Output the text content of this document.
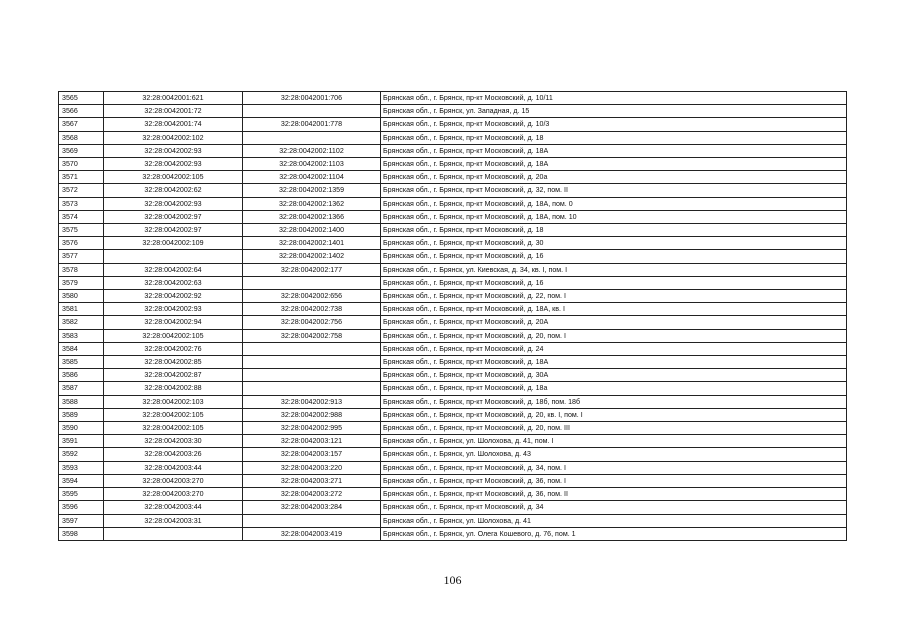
3565	32:28:0042001:621	32:28:0042001:706	Брянская обл., г. Брянск, пр-кт Московский, д. 10/11
3566	32:28:0042001:72		Брянская обл., г. Брянск, ул. Западная, д. 15
3567	32:28:0042001:74	32:28:0042001:778	Брянская обл., г. Брянск, пр-кт Московский, д. 10/3
3568	32:28:0042002:102		Брянская обл., г. Брянск, пр-кт Московский, д. 18
3569	32:28:0042002:93	32:28:0042002:1102	Брянская обл., г. Брянск, пр-кт Московский, д. 18А
3570	32:28:0042002:93	32:28:0042002:1103	Брянская обл., г. Брянск, пр-кт Московский, д. 18А
3571	32:28:0042002:105	32:28:0042002:1104	Брянская обл., г. Брянск, пр-кт Московский, д. 20а
3572	32:28:0042002:62	32:28:0042002:1359	Брянская обл., г. Брянск, пр-кт Московский, д. 32, пом. II
3573	32:28:0042002:93	32:28:0042002:1362	Брянская обл., г. Брянск, пр-кт Московский, д. 18А, пом. 0
3574	32:28:0042002:97	32:28:0042002:1366	Брянская обл., г. Брянск, пр-кт Московский, д. 18А, пом. 10
3575	32:28:0042002:97	32:28:0042002:1400	Брянская обл., г. Брянск, пр-кт Московский, д. 18
3576	32:28:0042002:109	32:28:0042002:1401	Брянская обл., г. Брянск, пр-кт Московский, д. 30
3577		32:28:0042002:1402	Брянская обл., г. Брянск, пр-кт Московский, д. 16
3578	32:28:0042002:64	32:28:0042002:177	Брянская обл., г. Брянск, ул. Киевская, д. 34, кв. I, пом. I
3579	32:28:0042002:63		Брянская обл., г. Брянск, пр-кт Московский, д. 16
3580	32:28:0042002:92	32:28:0042002:656	Брянская обл., г. Брянск, пр-кт Московский, д. 22, пом. I
3581	32:28:0042002:93	32:28:0042002:738	Брянская обл., г. Брянск, пр-кт Московский, д. 18А, кв. I
3582	32:28:0042002:94	32:28:0042002:756	Брянская обл., г. Брянск, пр-кт Московский, д. 20А
3583	32:28:0042002:105	32:28:0042002:758	Брянская обл., г. Брянск, пр-кт Московский, д. 20, пом. I
3584	32:28:0042002:76		Брянская обл., г. Брянск, пр-кт Московский, д. 24
3585	32:28:0042002:85		Брянская обл., г. Брянск, пр-кт Московский, д. 18А
3586	32:28:0042002:87		Брянская обл., г. Брянск, пр-кт Московский, д. 30А
3587	32:28:0042002:88		Брянская обл., г. Брянск, пр-кт Московский, д. 18а
3588	32:28:0042002:103	32:28:0042002:913	Брянская обл., г. Брянск, пр-кт Московский, д. 18б, пом. 18б
3589	32:28:0042002:105	32:28:0042002:988	Брянская обл., г. Брянск, пр-кт Московский, д. 20, кв. I, пом. I
3590	32:28:0042002:105	32:28:0042002:995	Брянская обл., г. Брянск, пр-кт Московский, д. 20, пом. III
3591	32:28:0042003:30	32:28:0042003:121	Брянская обл., г. Брянск, ул. Шолохова, д. 41, пом. I
3592	32:28:0042003:26	32:28:0042003:157	Брянская обл., г. Брянск, ул. Шолохова, д. 43
3593	32:28:0042003:44	32:28:0042003:220	Брянская обл., г. Брянск, пр-кт Московский, д. 34, пом. I
3594	32:28:0042003:270	32:28:0042003:271	Брянская обл., г. Брянск, пр-кт Московский, д. 36, пом. I
3595	32:28:0042003:270	32:28:0042003:272	Брянская обл., г. Брянск, пр-кт Московский, д. 36, пом. II
3596	32:28:0042003:44	32:28:0042003:284	Брянская обл., г. Брянск, пр-кт Московский, д. 34
3597	32:28:0042003:31		Брянская обл., г. Брянск, ул. Шолохова, д. 41
3598		32:28:0042003:419	Брянская обл., г. Брянск, ул. Олега Кошевого, д. 76, пом. 1
106
